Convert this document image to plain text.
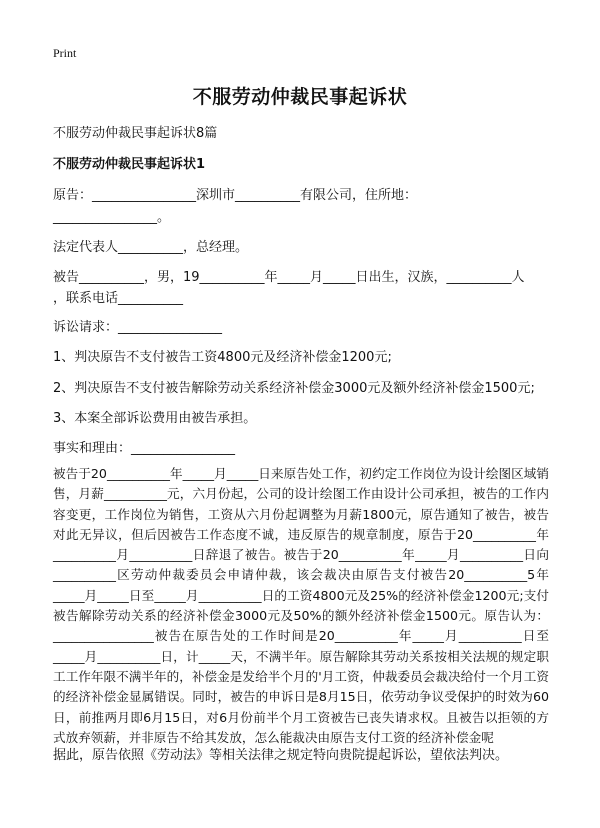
Print
不服劳动仲裁民事起诉状
不服劳动仲裁民事起诉状8篇
不服劳动仲裁民事起诉状1
原告：________________深圳市__________有限公司，住所地：
________________。
法定代表人__________，总经理。
被告__________，男，19__________年_____月_____日出生，汉族，__________人
，联系电话__________
诉讼请求：________________
1、判决原告不支付被告工资4800元及经济补偿金1200元;
2、判决原告不支付被告解除劳动关系经济补偿金3000元及额外经济补偿金1500元;
3、本案全部诉讼费用由被告承担。
事实和理由：________________
被告于20__________年_____月_____日来原告处工作，初约定工作岗位为设计绘图区域销售，月薪__________元，六月份起，公司的设计绘图工作由设计公司承担，被告的工作内容变更，工作岗位为销售，工资从六月份起调整为月薪1800元，原告通知了被告，被告对此无异议，但后因被告工作态度不诚，违反原告的规章制度，原告于20__________年__________月__________日辞退了被告。被告于20__________年_____月__________日向__________区劳动仲裁委员会申请仲裁，该会裁决由原告支付被告20__________5年_____月_____日至_____月__________日的工资4800元及25%的经济补偿金1200元;支付被告解除劳动关系的经济补偿金3000元及50%的额外经济补偿金1500元。原告认为：________________被告在原告处的工作时间是20__________年_____月__________日至_____月__________日，计_____天，不满半年。原告解除其劳动关系按相关法规的规定职工工作年限不满半年的，补偿金是发给半个月的'月工资，仲裁委员会裁决给付一个月工资的经济补偿金显属错误。同时，被告的申诉日是8月15日，依劳动争议受保护的时效为60日，前推两月即6月15日，对6月份前半个月工资被告已丧失请求权。且被告以拒领的方式放弃领薪，并非原告不给其发放，怎么能裁决由原告支付工资的经济补偿金呢
据此，原告依照《劳动法》等相关法律之规定特向贵院提起诉讼，望依法判决。
